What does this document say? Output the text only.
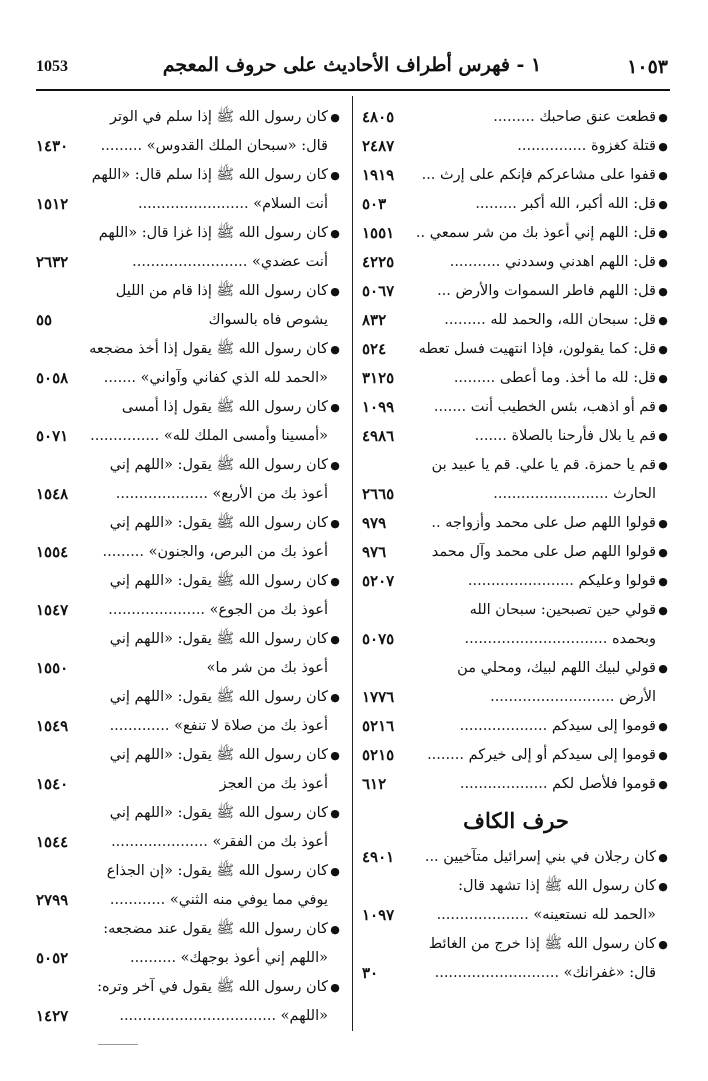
1053	١ - فهرس أطراف الأحاديث على حروف المعجم	١٠٥٣
●قطعت عنق صاحبك .........
٤٨٠٥
●قتلة كغزوة ...............
٢٤٨٧
●قفوا على مشاعركم فإنكم على إرث ...
١٩١٩
●قل: الله أكبر، الله أكبر .........
٥٠٣
●قل: اللهم إني أعوذ بك من شر سمعي ..
١٥٥١
●قل: اللهم اهدني وسددني ...........
٤٢٢٥
●قل: اللهم فاطر السموات والأرض ...
٥٠٦٧
●قل: سبحان الله، والحمد لله .........
٨٣٢
●قل: كما يقولون، فإذا انتهيت فسل تعطه
٥٢٤
●قل: لله ما أخذ. وما أعطى .........
٣١٢٥
●قم أو اذهب، بئس الخطيب أنت .......
١٠٩٩
●قم يا بلال فأرحنا بالصلاة .......
٤٩٨٦
●قم يا حمزة. قم يا علي. قم يا عبيد بن
الحارث .........................
٢٦٦٥
●قولوا اللهم صل على محمد وأزواجه ..
٩٧٩
●قولوا اللهم صل على محمد وآل محمد
٩٧٦
●قولوا وعليكم .......................
٥٢٠٧
●قولي حين تصبحين: سبحان الله
وبحمده ...............................
٥٠٧٥
●قولي لبيك اللهم لبيك، ومحلي من
الأرض ...........................
١٧٧٦
●قوموا إلى سيدكم ...................
٥٢١٦
●قوموا إلى سيدكم أو إلى خيركم ........
٥٢١٥
●قوموا فلأصل لكم ...................
٦١٢
حرف الكاف
●كان رجلان في بني إسرائيل متآخيين ...
٤٩٠١
●كان رسول الله ﷺ إذا تشهد قال:
«الحمد لله نستعينه» ....................
١٠٩٧
●كان رسول الله ﷺ إذا خرج من الغائط
قال: «غفرانك» ...........................
٣٠
●كان رسول الله ﷺ إذا سلم في الوتر
قال: «سبحان الملك القدوس» .........
١٤٣٠
●كان رسول الله ﷺ إذا سلم قال: «اللهم
أنت السلام» ........................
١٥١٢
●كان رسول الله ﷺ إذا غزا قال: «اللهم
أنت عضدي» .........................
٢٦٣٢
●كان رسول الله ﷺ إذا قام من الليل
يشوص فاه بالسواك
٥٥
●كان رسول الله ﷺ يقول إذا أخذ مضجعه
«الحمد لله الذي كفاني وآواني» .......
٥٠٥٨
●كان رسول الله ﷺ يقول إذا أمسى
«أمسينا وأمسى الملك لله» ...............
٥٠٧١
●كان رسول الله ﷺ يقول: «اللهم إني
أعوذ بك من الأربع» ....................
١٥٤٨
●كان رسول الله ﷺ يقول: «اللهم إني
أعوذ بك من البرص، والجنون» .........
١٥٥٤
●كان رسول الله ﷺ يقول: «اللهم إني
أعوذ بك من الجوع» .....................
١٥٤٧
●كان رسول الله ﷺ يقول: «اللهم إني
أعوذ بك من شر ما»
١٥٥٠
●كان رسول الله ﷺ يقول: «اللهم إني
أعوذ بك من صلاة لا تنفع» .............
١٥٤٩
●كان رسول الله ﷺ يقول: «اللهم إني
أعوذ بك من العجز
١٥٤٠
●كان رسول الله ﷺ يقول: «اللهم إني
أعوذ بك من الفقر» .....................
١٥٤٤
●كان رسول الله ﷺ يقول: «إن الجذاع
يوفي مما يوفي منه الثني» ............
٢٧٩٩
●كان رسول الله ﷺ يقول عند مضجعه:
«اللهم إني أعوذ بوجهك» ..........
٥٠٥٢
●كان رسول الله ﷺ يقول في آخر وتره:
«اللهم» ..................................
١٤٢٧
